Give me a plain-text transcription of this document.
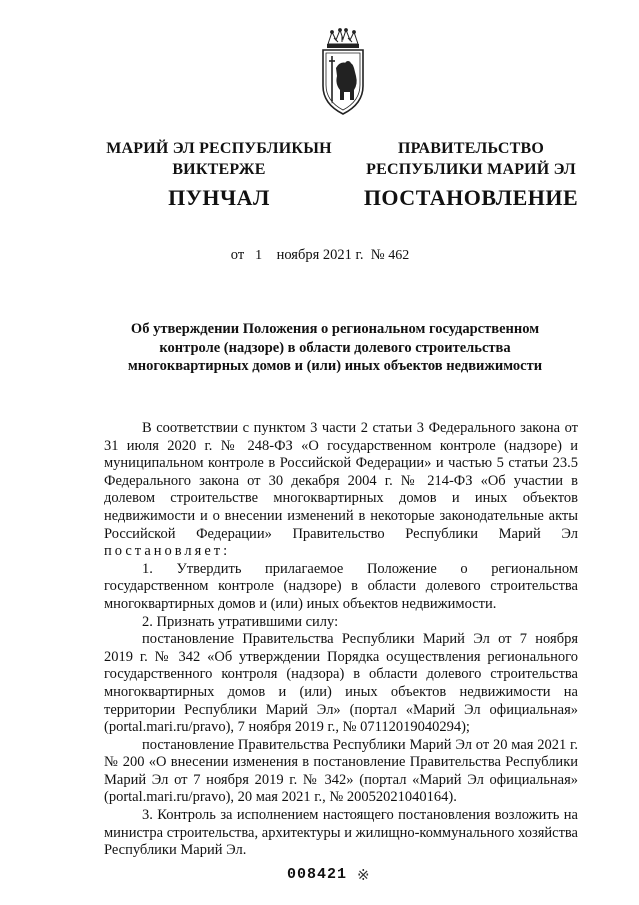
МАРИЙ ЭЛ РЕСПУБЛИКЫН
ВИКТЕРЖЕ
ПРАВИТЕЛЬСТВО
РЕСПУБЛИКИ МАРИЙ ЭЛ
ПУНЧАЛ	ПОСТАНОВЛЕНИЕ
от 1 ноября 2021 г. № 462
Об утверждении Положения о региональном государственном
контроле (надзоре) в области долевого строительства
многоквартирных домов и (или) иных объектов недвижимости

В соответствии с пунктом 3 части 2 статьи 3 Федерального закона от 31 июля 2020 г. № 248-ФЗ «О государственном контроле (надзоре) и муниципальном контроле в Российской Федерации» и частью 5 статьи 23.5 Федерального закона от 30 декабря 2004 г. № 214-ФЗ «Об участии в долевом строительстве многоквартирных домов и иных объектов недвижимости и о внесении изменений в некоторые законодательные акты Российской Федерации» Правительство Республики Марий Эл постановляет:

1. Утвердить прилагаемое Положение о региональном государственном контроле (надзоре) в области долевого строительства многоквартирных домов и (или) иных объектов недвижимости.

2. Признать утратившими силу:

постановление Правительства Республики Марий Эл от 7 ноября 2019 г. № 342 «Об утверждении Порядка осуществления регионального государственного контроля (надзора) в области долевого строительства многоквартирных домов и (или) иных объектов недвижимости на территории Республики Марий Эл» (портал «Марий Эл официальная» (portal.mari.ru/pravo), 7 ноября 2019 г., № 07112019040294);

постановление Правительства Республики Марий Эл от 20 мая 2021 г. № 200 «О внесении изменения в постановление Правительства Республики Марий Эл от 7 ноября 2019 г. № 342» (портал «Марий Эл официальная» (portal.mari.ru/pravo), 20 мая 2021 г., № 20052021040164).

3. Контроль за исполнением настоящего постановления возложить на министра строительства, архитектуры и жилищно-коммунального хозяйства Республики Марий Эл.

008421 ※
